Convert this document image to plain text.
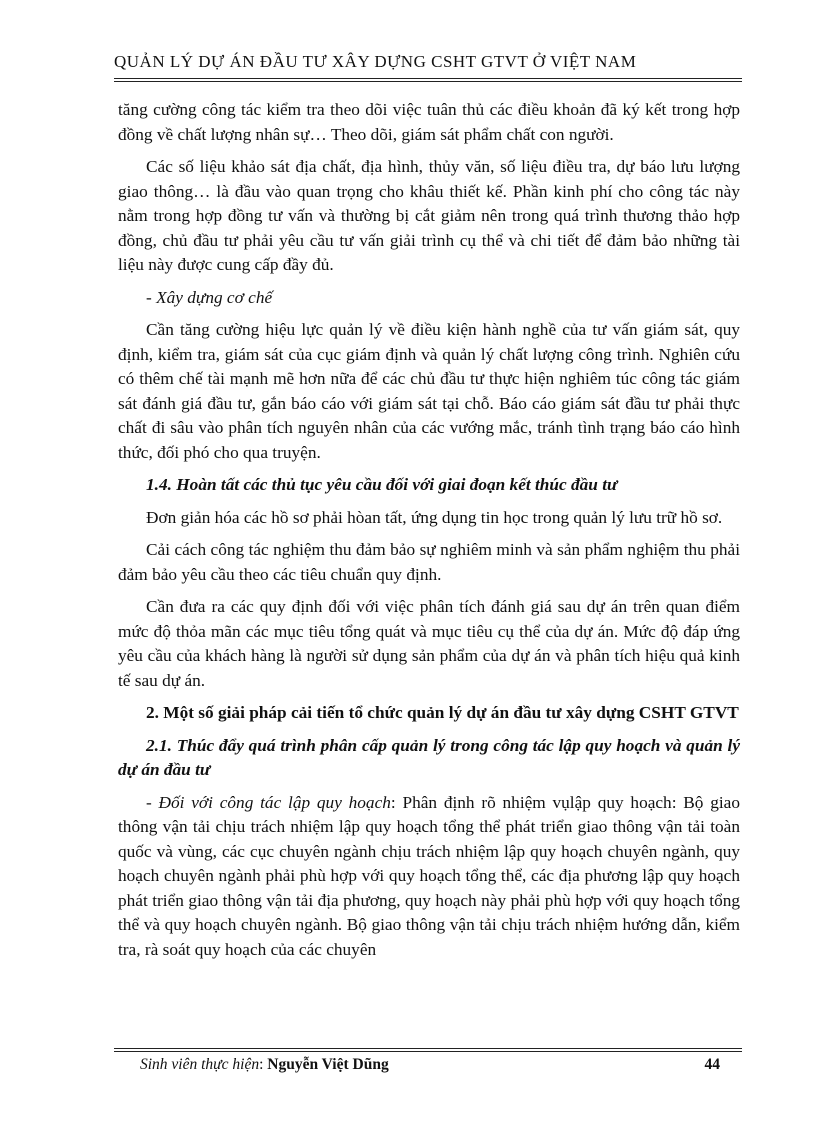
QUẢN LÝ DỰ ÁN ĐẦU TƯ XÂY DỰNG CSHT GTVT Ở VIỆT NAM

tăng cường công tác kiểm tra theo dõi việc tuân thủ các điều khoản đã ký kết trong hợp đồng về chất lượng nhân sự… Theo dõi, giám sát phẩm chất con người.

Các số liệu khảo sát địa chất, địa hình, thủy văn, số liệu điều tra, dự báo lưu lượng giao thông… là đầu vào quan trọng cho khâu thiết kế. Phần kinh phí cho công tác này nằm trong hợp đồng tư vấn và thường bị cắt giảm nên trong quá trình thương thảo hợp đồng, chủ đầu tư phải yêu cầu tư vấn giải trình cụ thể và chi tiết để đảm bảo những tài liệu này được cung cấp đầy đủ.

- Xây dựng cơ chế

Cần tăng cường hiệu lực quản lý về điều kiện hành nghề của tư vấn giám sát, quy định, kiểm tra, giám sát của cục giám định và quản lý chất lượng công trình. Nghiên cứu có thêm chế tài mạnh mẽ hơn nữa để các chủ đầu tư thực hiện nghiêm túc công tác giám sát đánh giá đầu tư, gắn báo cáo với giám sát tại chỗ. Báo cáo giám sát đầu tư phải thực chất đi sâu vào phân tích nguyên nhân của các vướng mắc, tránh tình trạng báo cáo hình thức, đối phó cho qua truyện.

1.4. Hoàn tất các thủ tục yêu cầu đối với giai đoạn kết thúc đầu tư

Đơn giản hóa các hồ sơ phải hòan tất, ứng dụng tin học trong quản lý lưu trữ hồ sơ.

Cải cách công tác nghiệm thu đảm bảo sự nghiêm minh và sản phẩm nghiệm thu phải đảm bảo yêu cầu theo các tiêu chuẩn quy định.

Cần đưa ra các quy định đối với việc phân tích đánh giá sau dự án trên quan điểm mức độ thỏa mãn các mục tiêu tổng quát và mục tiêu cụ thể của dự án. Mức độ đáp ứng yêu cầu của khách hàng là người sử dụng sản phẩm của dự án và phân tích hiệu quả kinh tế sau dự án.

2. Một số giải pháp cải tiến tổ chức quản lý dự án đầu tư xây dựng CSHT GTVT

2.1. Thúc đẩy quá trình phân cấp quản lý trong công tác lập quy hoạch và quản lý dự án đầu tư

- Đối với công tác lập quy hoạch: Phân định rõ nhiệm vụlập quy hoạch: Bộ giao thông vận tải chịu trách nhiệm lập quy hoạch tổng thể phát triển giao thông vận tải toàn quốc và vùng, các cục chuyên ngành chịu trách nhiệm lập quy hoạch chuyên ngành, quy hoạch chuyên ngành phải phù hợp với quy hoạch tổng thể, các địa phương lập quy hoạch phát triển giao thông vận tải địa phương, quy hoạch này phải phù hợp với quy hoạch tổng thể và quy hoạch chuyên ngành. Bộ giao thông vận tải chịu trách nhiệm hướng dẫn, kiểm tra, rà soát quy hoạch của các chuyên

Sinh viên thực hiện: Nguyễn Việt Dũng	44
